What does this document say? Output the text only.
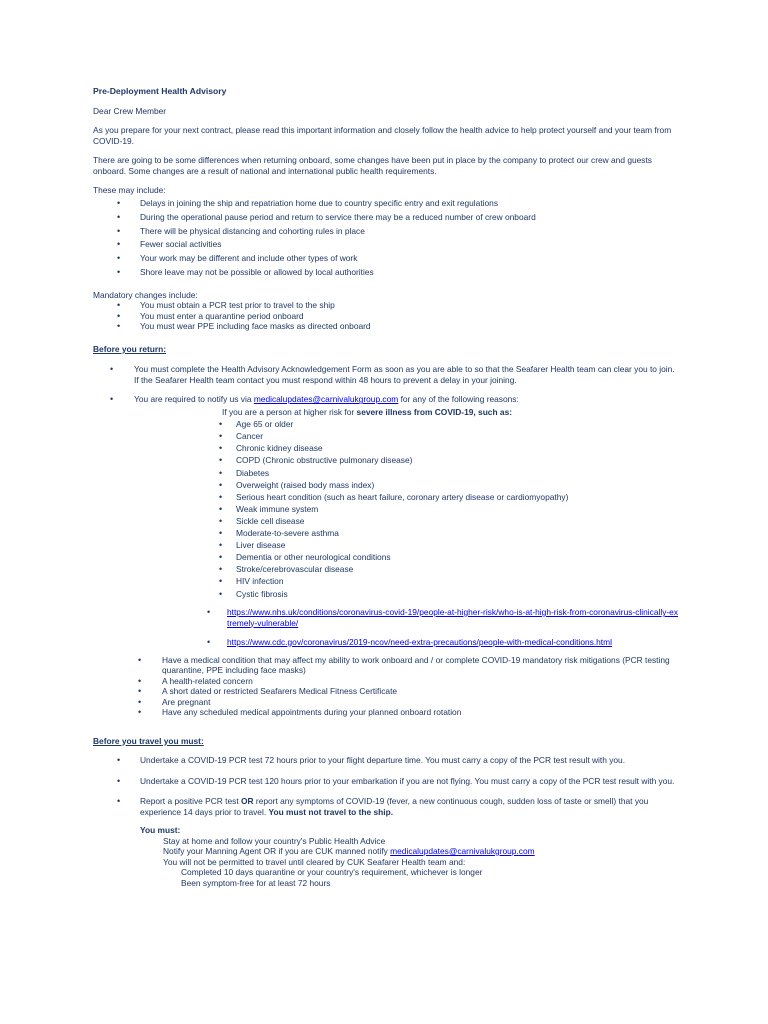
Pre-Deployment Health Advisory

Dear Crew Member

As you prepare for your next contract, please read this important information and closely follow the health advice to help protect yourself and your team from COVID-19.

There are going to be some differences when returning onboard, some changes have been put in place by the company to protect our crew and guests onboard. Some changes are a result of national and international public health requirements.

These may include:

• Delays in joining the ship and repatriation home due to country specific entry and exit regulations
• During the operational pause period and return to service there may be a reduced number of crew onboard
• There will be physical distancing and cohorting rules in place
• Fewer social activities
• Your work may be different and include other types of work
• Shore leave may not be possible or allowed by local authorities

Mandatory changes include:

• You must obtain a PCR test prior to travel to the ship
• You must enter a quarantine period onboard
• You must wear PPE including face masks as directed onboard

Before you return:

• You must complete the Health Advisory Acknowledgement Form as soon as you are able to so that the Seafarer Health team can clear you to join. If the Seafarer Health team contact you must respond within 48 hours to prevent a delay in your joining.
• You are required to notify us via medicalupdates@carnivalukgroup.com for any of the following reasons:

If you are a person at higher risk for severe illness from COVID-19, such as:

• Age 65 or older
• Cancer
• Chronic kidney disease
• COPD (Chronic obstructive pulmonary disease)
• Diabetes
• Overweight (raised body mass index)
• Serious heart condition (such as heart failure, coronary artery disease or cardiomyopathy)
• Weak immune system
• Sickle cell disease
• Moderate-to-severe asthma
• Liver disease
• Dementia or other neurological conditions
• Stroke/cerebrovascular disease
• HIV infection
• Cystic fibrosis
• https://www.nhs.uk/conditions/coronavirus-covid-19/people-at-higher-risk/who-is-at-high-risk-from-coronavirus-clinically-extremely-vulnerable/
• https://www.cdc.gov/coronavirus/2019-ncov/need-extra-precautions/people-with-medical-conditions.html
• Have a medical condition that may affect my ability to work onboard and / or complete COVID-19 mandatory risk mitigations (PCR testing quarantine, PPE including face masks)
• A health-related concern
• A short dated or restricted Seafarers Medical Fitness Certificate
• Are pregnant
• Have any scheduled medical appointments during your planned onboard rotation

Before you travel you must:

• Undertake a COVID-19 PCR test 72 hours prior to your flight departure time. You must carry a copy of the PCR test result with you.
• Undertake a COVID-19 PCR test 120 hours prior to your embarkation if you are not flying. You must carry a copy of the PCR test result with you.
• Report a positive PCR test OR report any symptoms of COVID-19 (fever, a new continuous cough, sudden loss of taste or smell) that you experience 14 days prior to travel. You must not travel to the ship.

You must:

Stay at home and follow your country's Public Health Advice

Notify your Manning Agent OR if you are CUK manned notify medicalupdates@carnivalukgroup.com

You will not be permitted to travel until cleared by CUK Seafarer Health team and:

Completed 10 days quarantine or your country's requirement, whichever is longer

Been symptom-free for at least 72 hours
